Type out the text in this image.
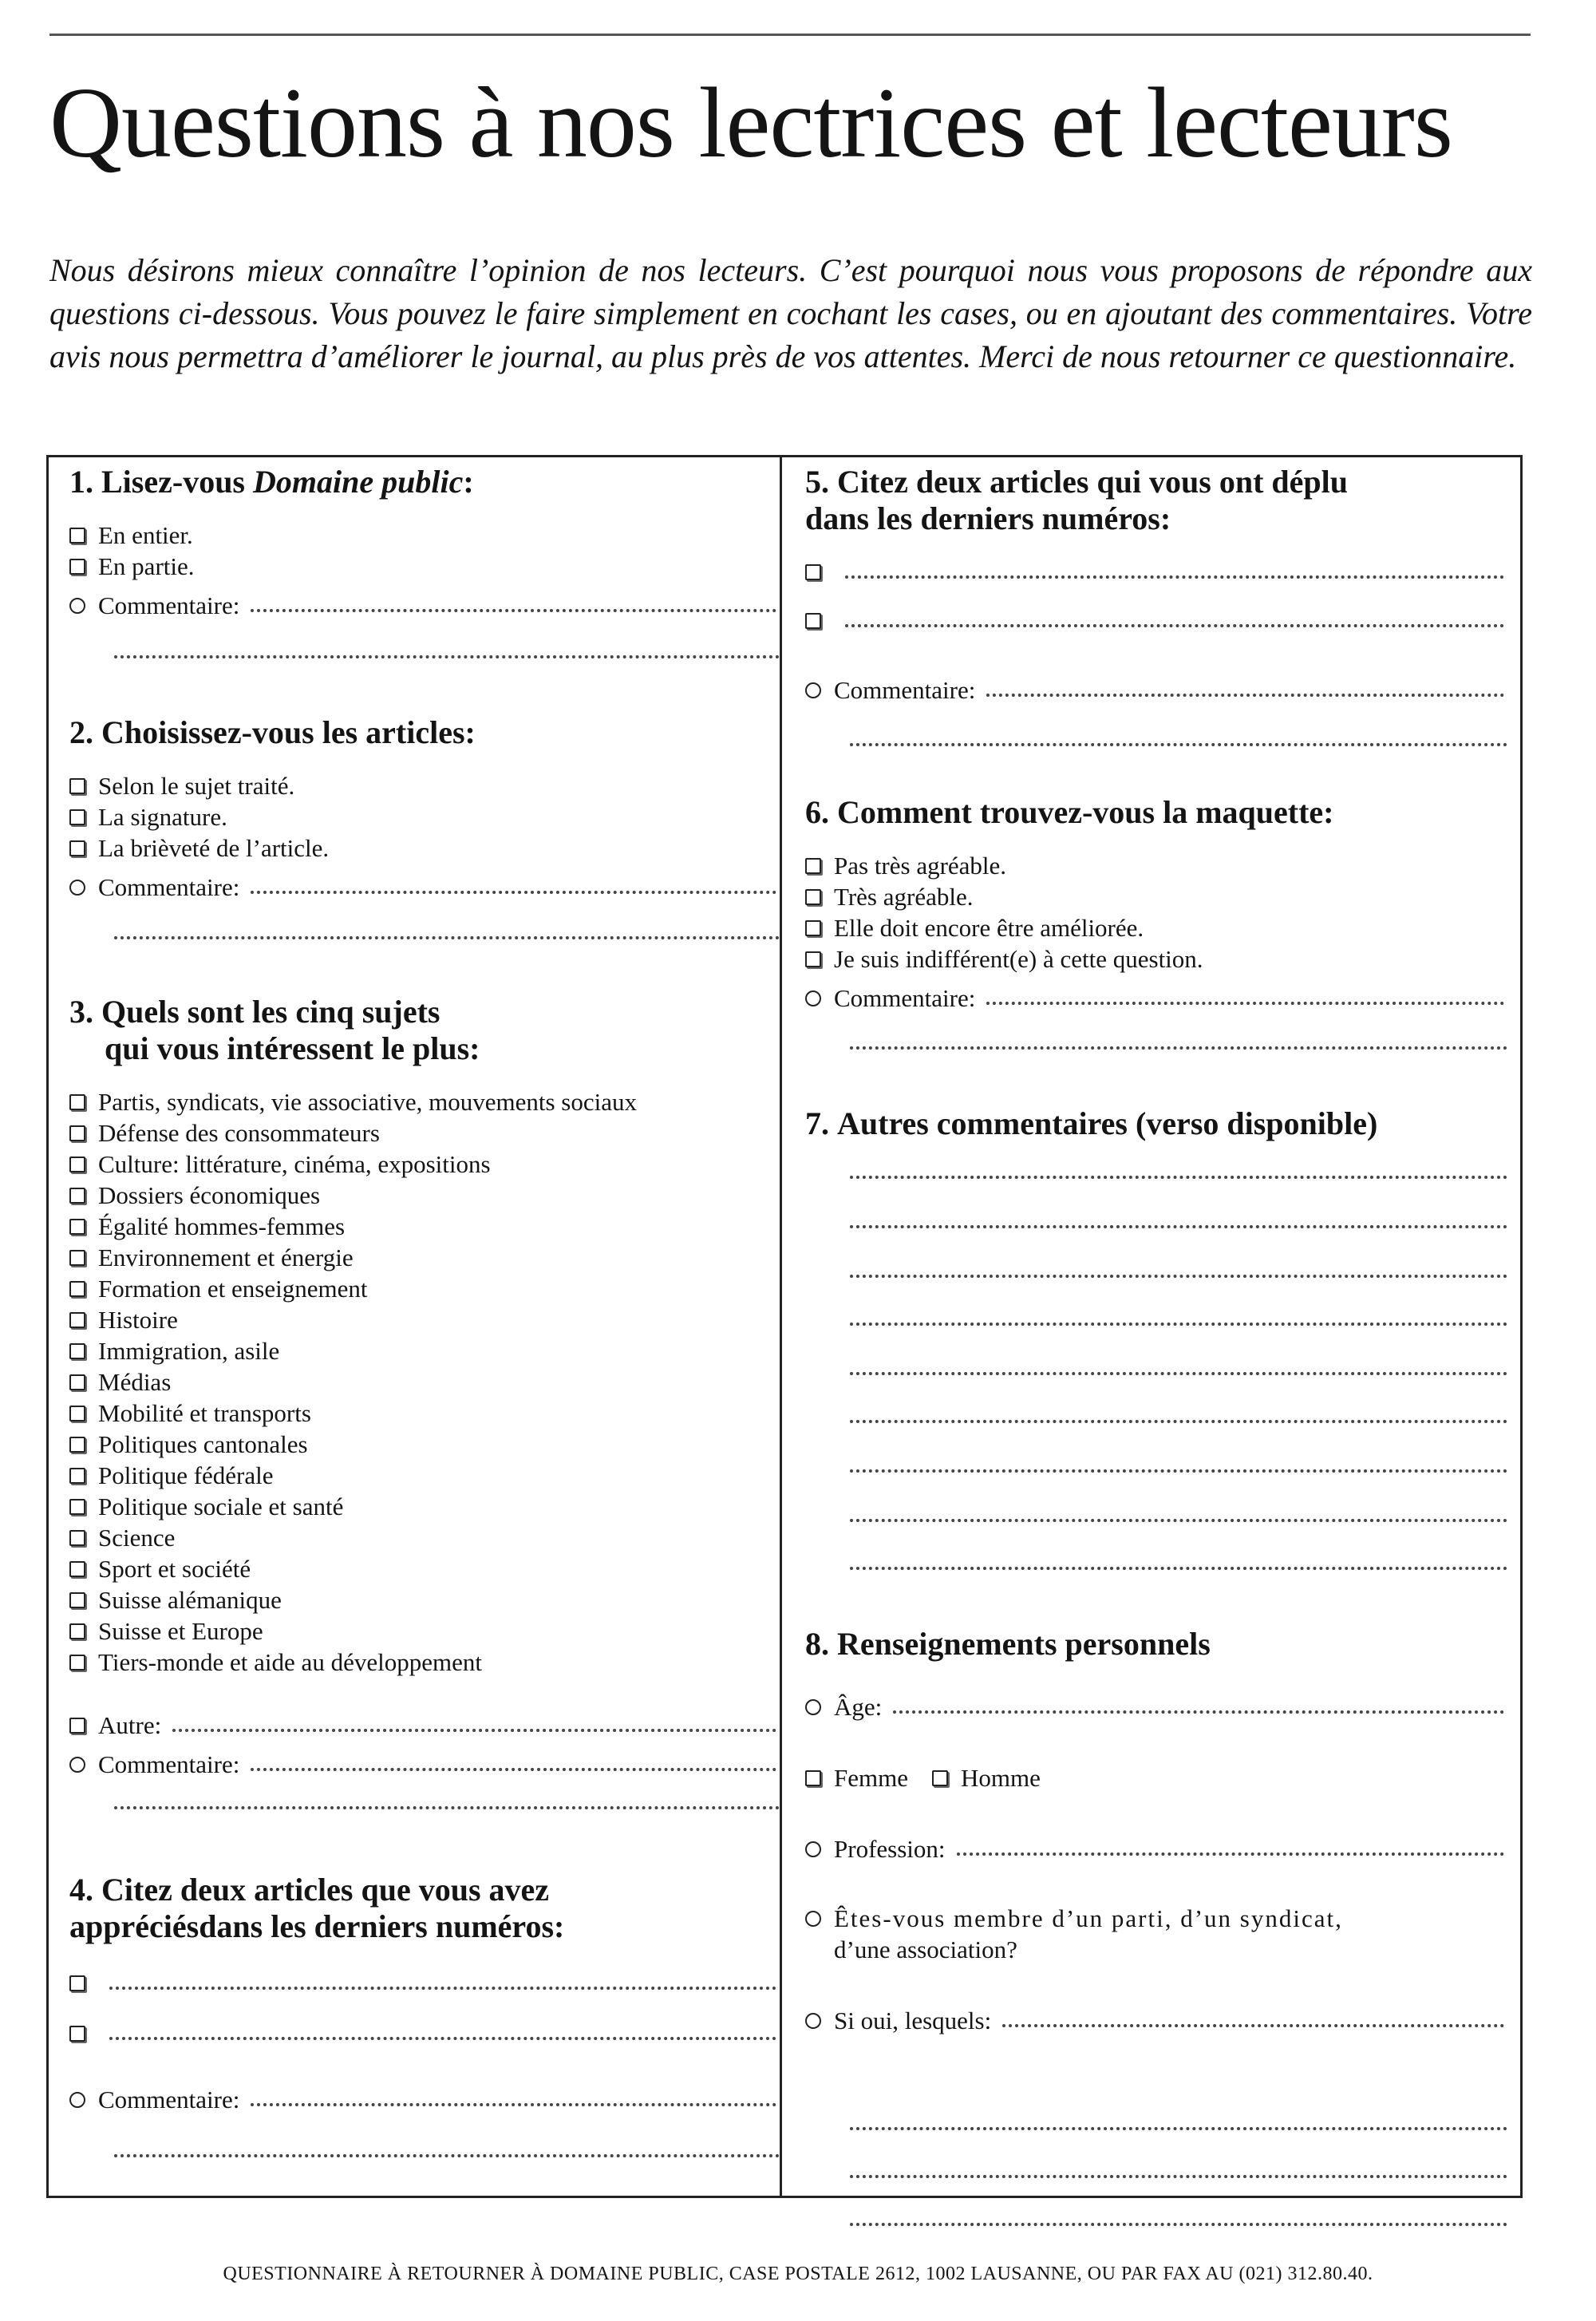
Questions à nos lectrices et lecteurs

Nous désirons mieux connaître l’opinion de nos lecteurs. C’est pourquoi nous vous proposons de répondre aux questions ci-dessous. Vous pouvez le faire simplement en cochant les cases, ou en ajoutant des commentaires. Votre avis nous permettra d’améliorer le journal, au plus près de vos attentes. Merci de nous retourner ce questionnaire.

1. Lisez-vous Domaine public:

En entier.
En partie.
Commentaire:

2. Choisissez-vous les articles:

Selon le sujet traité.
La signature.
La brièveté de l’article.
Commentaire:

3. Quels sont les cinq sujets
qui vous intéressent le plus:

Partis, syndicats, vie associative, mouvements sociaux
Défense des consommateurs
Culture: littérature, cinéma, expositions
Dossiers économiques
Égalité hommes-femmes
Environnement et énergie
Formation et enseignement
Histoire
Immigration, asile
Médias
Mobilité et transports
Politiques cantonales
Politique fédérale
Politique sociale et santé
Science
Sport et société
Suisse alémanique
Suisse et Europe
Tiers-monde et aide au développement
Autre:
Commentaire:

4. Citez deux articles que vous avez
appréciésdans les derniers numéros:

Commentaire:

5. Citez deux articles qui vous ont déplu
dans les derniers numéros:

Commentaire:

6. Comment trouvez-vous la maquette:

Pas très agréable.
Très agréable.
Elle doit encore être améliorée.
Je suis indifférent(e) à cette question.
Commentaire:

7. Autres commentaires (verso disponible)

8. Renseignements personnels

Âge:
Femme Homme
Profession:
Êtes-vous membre d’un parti, d’un syndicat,
d’une association?
Si oui, lesquels:
QUESTIONNAIRE À RETOURNER À DOMAINE PUBLIC, CASE POSTALE 2612, 1002 LAUSANNE, OU PAR FAX AU (021) 312.80.40.
